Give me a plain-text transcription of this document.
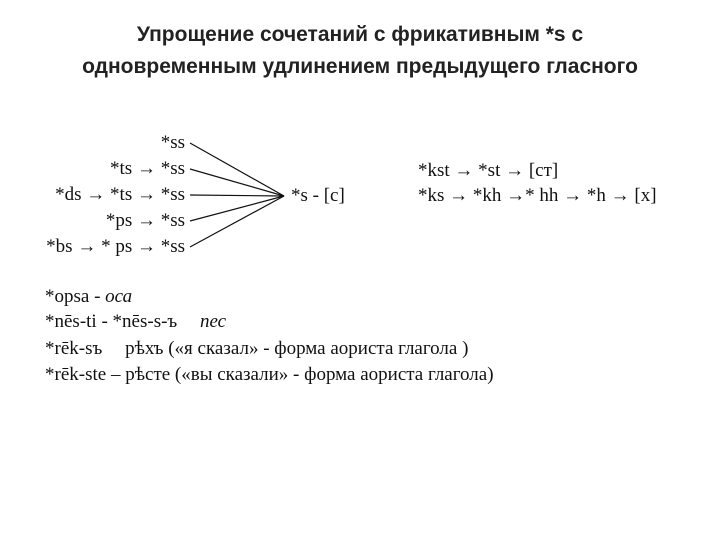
Упрощение сочетаний с фрикативным *s с
одновременным удлинением предыдущего гласного
*ss
*ts → *ss
*ds → *ts → *ss
*ps → *ss
*bs → * ps → *ss
*s - [c]
*kst → *st → [ст]
*ks → *kh →* hh → *h → [x]
*opsa - оса
*nēs-ti - *nēs-s-ъ пес
*rēk-sъ рѣхъ («я сказал» - форма аориста глагола )
*rēk-ste – рѣсте («вы сказали» - форма аориста глагола)
